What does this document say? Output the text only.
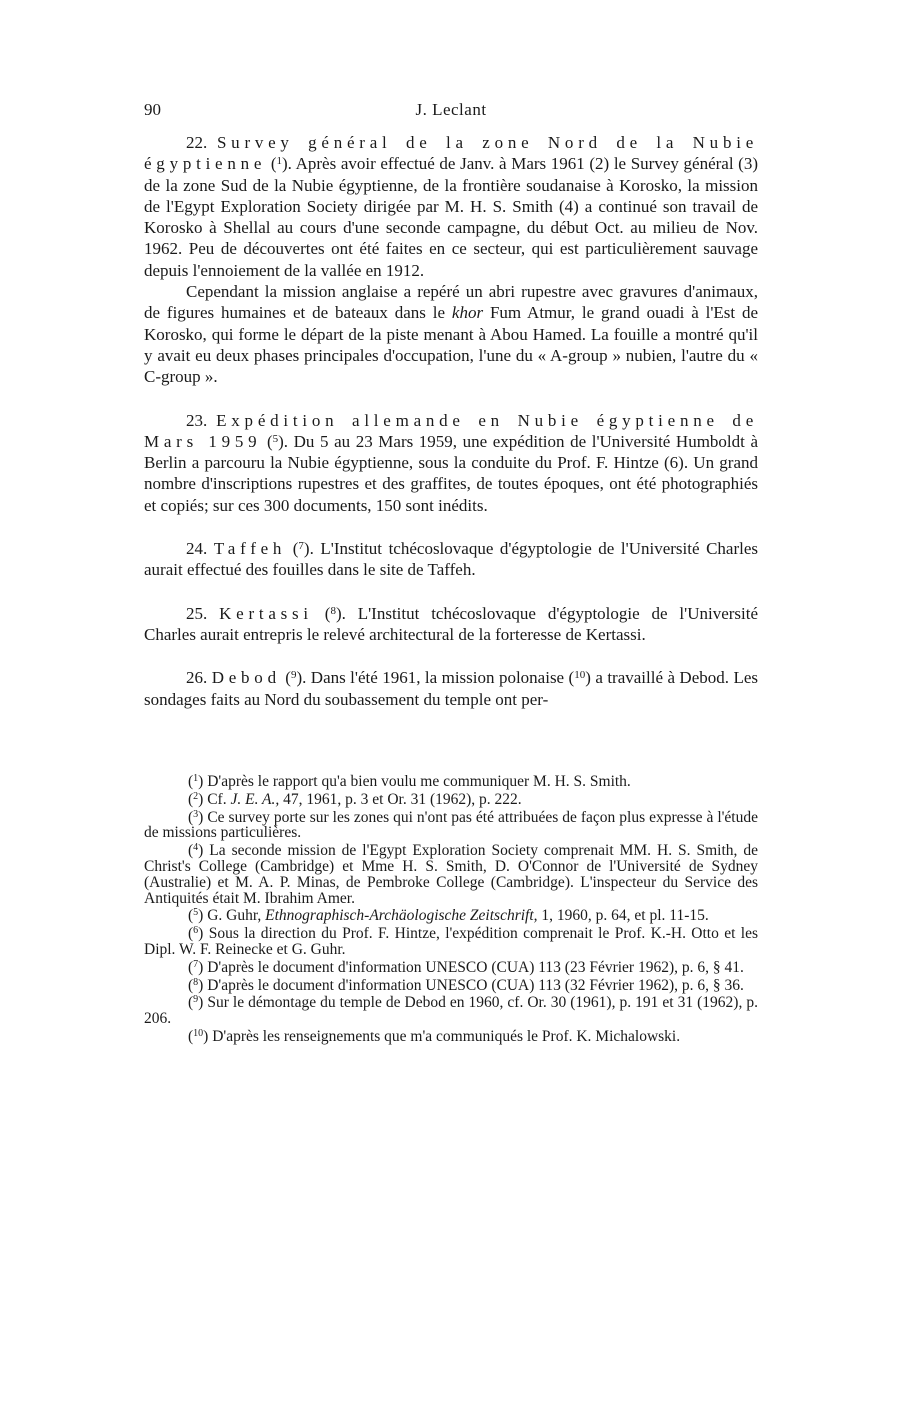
90	J. Leclant

22. Survey général de la zone Nord de la Nubie égyptienne ($^1$). Après avoir effectué de Janv. à Mars 1961 (2) le Survey général (3) de la zone Sud de la Nubie égyptienne, de la frontière soudanaise à Korosko, la mission de l'Egypt Exploration Society dirigée par M. H. S. Smith (4) a continué son travail de Korosko à Shellal au cours d'une seconde campagne, du début Oct. au milieu de Nov. 1962. Peu de découvertes ont été faites en ce secteur, qui est particulièrement sauvage depuis l'ennoiement de la vallée en 1912.

Cependant la mission anglaise a repéré un abri rupestre avec gravures d'animaux, de figures humaines et de bateaux dans le khor Fum Atmur, le grand ouadi à l'Est de Korosko, qui forme le départ de la piste menant à Abou Hamed. La fouille a montré qu'il y avait eu deux phases principales d'occupation, l'une du « A-group » nubien, l'autre du « C-group ».

23. Expédition allemande en Nubie égyptienne de Mars 1959 ($^5$). Du 5 au 23 Mars 1959, une expédition de l'Université Humboldt à Berlin a parcouru la Nubie égyptienne, sous la conduite du Prof. F. Hintze (6). Un grand nombre d'inscriptions rupestres et des graffites, de toutes époques, ont été photographiés et copiés; sur ces 300 documents, 150 sont inédits.

24. Taffeh ($^7$). L'Institut tchécoslovaque d'égyptologie de l'Université Charles aurait effectué des fouilles dans le site de Taffeh.

25. Kertassi ($^8$). L'Institut tchécoslovaque d'égyptologie de l'Université Charles aurait entrepris le relevé architectural de la forteresse de Kertassi.

26. Debod ($^9$). Dans l'été 1961, la mission polonaise ($^{10}$) a travaillé à Debod. Les sondages faits au Nord du soubassement du temple ont per-

($^1$) D'après le rapport qu'a bien voulu me communiquer M. H. S. Smith.

($^2$) Cf. J. E. A., 47, 1961, p. 3 et Or. 31 (1962), p. 222.

($^3$) Ce survey porte sur les zones qui n'ont pas été attribuées de façon plus expresse à l'étude de missions particulières.

($^4$) La seconde mission de l'Egypt Exploration Society comprenait MM. H. S. Smith, de Christ's College (Cambridge) et Mme H. S. Smith, D. O'Connor de l'Université de Sydney (Australie) et M. A. P. Minas, de Pembroke College (Cambridge). L'inspecteur du Service des Antiquités était M. Ibrahim Amer.

($^5$) G. Guhr, Ethnographisch-Archäologische Zeitschrift, 1, 1960, p. 64, et pl. 11-15.

($^6$) Sous la direction du Prof. F. Hintze, l'expédition comprenait le Prof. K.-H. Otto et les Dipl. W. F. Reinecke et G. Guhr.

($^7$) D'après le document d'information UNESCO (CUA) 113 (23 Février 1962), p. 6, § 41.

($^8$) D'après le document d'information UNESCO (CUA) 113 (32 Février 1962), p. 6, § 36.

($^9$) Sur le démontage du temple de Debod en 1960, cf. Or. 30 (1961), p. 191 et 31 (1962), p. 206.

($^{10}$) D'après les renseignements que m'a communiqués le Prof. K. Michalowski.
